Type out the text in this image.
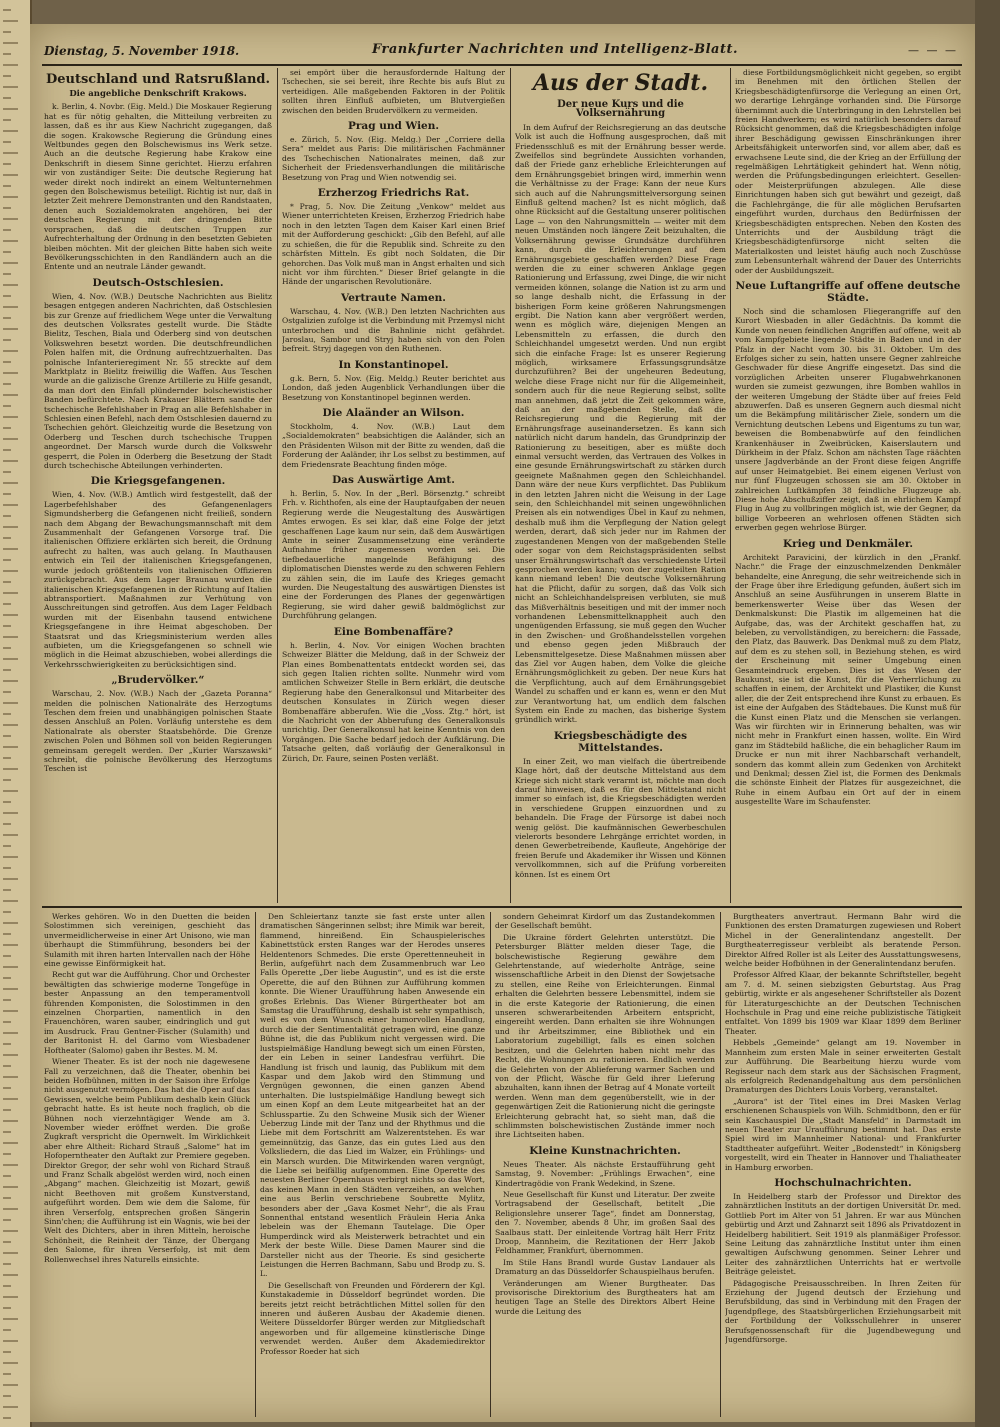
Dienstag, 5. November 1918.	Frankfurter Nachrichten und Intelligenz-Blatt.	— — —
Deutschland und Ratsrußland.
Die angebliche Denkschrift Krakows.

k. Berlin, 4. Novbr. (Eig. Meld.) Die Moskauer Regierung hat es für nötig gehalten, die Mitteilung verbreiten zu lassen, daß es ihr aus Kiew Nachricht zugegangen, daß die sogen. Krakowsche Regierung die Gründung eines Weltbundes gegen den Bolschewismus ins Werk setze. Auch an die deutsche Regierung habe Krakow eine Denkschrift in diesem Sinne gerichtet. Hierzu erfahren wir von zuständiger Seite: Die deutsche Regierung hat weder direkt noch indirekt an einem Weltunternehmen gegen den Bolschewismus beteiligt. Richtig ist nur, daß in letzter Zeit mehrere Demonstranten und den Randstaaten, denen auch Sozialdemokraten angehören, bei der deutschen Regierung mit der dringenden Bitte vorsprachen, daß die deutschen Truppen zur Aufrechterhaltung der Ordnung in den besetzten Gebieten bleiben möchten. Mit der gleichen Bitte haben sich weite Bevölkerungsschichten in den Randländern auch an die Entente und an neutrale Länder gewandt.

Deutsch-Ostschlesien.

Wien, 4. Nov. (W.B.) Deutsche Nachrichten aus Bielitz besagen entgegen anderen Nachrichten, daß Ostschlesien bis zur Grenze auf friedlichem Wege unter die Verwaltung des deutschen Volksrates gestellt wurde. Die Städte Bielitz, Teschen, Biala und Oderberg sind von deutschen Volkswehren besetzt worden. Die deutschfreundlichen Polen halfen mit, die Ordnung aufrechtzuerhalten. Das polnische Infanterieregiment Nr. 55 streckte auf dem Marktplatz in Bielitz freiwillig die Waffen. Aus Teschen wurde an die galizische Grenze Artillerie zu Hilfe gesandt, da man dort den Einfall plündernder bolschewistischer Banden befürchtete. Nach Krakauer Blättern sandte der tschechische Befehlshaber in Prag an alle Befehlshaber in Schlesien einen Befehl, nach dem Ostschlesien dauernd zu Tschechien gehört. Gleichzeitig wurde die Besetzung von Oderberg und Teschen durch tschechische Truppen angeordnet. Der Marsch wurde durch die Volkswehr gesperrt, die Polen in Oderberg die Besetzung der Stadt durch tschechische Abteilungen verhinderten.

Die Kriegsgefangenen.

Wien, 4. Nov. (W.B.) Amtlich wird festgestellt, daß der Lagerbefehlshaber des Gefangenenlagers Sigmundsherberg die Gefangenen nicht freiließ, sondern nach dem Abgang der Bewachungsmannschaft mit dem Zusammenhalt der Gefangenen Vorsorge traf. Die italienischen Offiziere erklärten sich bereit, die Ordnung aufrecht zu halten, was auch gelang. In Mauthausen entwich ein Teil der italienischen Kriegsgefangenen, wurde jedoch größtenteils von italienischen Offizieren zurückgebracht. Aus dem Lager Braunau wurden die italienischen Kriegsgefangenen in der Richtung auf Italien abtransportiert. Maßnahmen zur Verhütung von Ausschreitungen sind getroffen. Aus dem Lager Feldbach wurden mit der Eisenbahn tausend entwichene Kriegsgefangene in ihre Heimat abgeschoben. Der Staatsrat und das Kriegsministerium werden alles aufbieten, um die Kriegsgefangenen so schnell wie möglich in die Heimat abzuschieben, wobei allerdings die Verkehrsschwierigkeiten zu berücksichtigen sind.

„Brudervölker.“

Warschau, 2. Nov. (W.B.) Nach der „Gazeta Poranna“ melden die polnischen Nationalräte des Herzogtums Teschen dem freien und unabhängigen polnischen Staate dessen Anschluß an Polen. Vorläufig unterstehe es dem Nationalrate als oberster Staatsbehörde. Die Grenze zwischen Polen und Böhmen soll von beiden Regierungen gemeinsam geregelt werden. Der „Kurier Warszawski“ schreibt, die polnische Bevölkerung des Herzogtums Teschen ist

sei empört über die herausfordernde Haltung der Tschechen, sie sei bereit, ihre Rechte bis aufs Blut zu verteidigen. Alle maßgebenden Faktoren in der Politik sollten ihren Einfluß aufbieten, um Blutvergießen zwischen den beiden Brudervölkern zu vermeiden.

Prag und Wien.

e. Zürich, 5. Nov. (Eig. Meldg.) Der „Corriere della Sera“ meldet aus Paris: Die militärischen Fachmänner des Tschechischen Nationalrates meinen, daß zur Sicherheit der Friedensverhandlungen die militärische Besetzung von Prag und Wien notwendig sei.

Erzherzog Friedrichs Rat.

* Prag, 5. Nov. Die Zeitung „Venkow“ meldet aus Wiener unterrichteten Kreisen, Erzherzog Friedrich habe noch in den letzten Tagen dem Kaiser Karl einen Brief mit der Aufforderung geschickt: „Gib den Befehl, auf alle zu schießen, die für die Republik sind. Schreite zu den schärfsten Mitteln. Es gibt noch Soldaten, die Dir gehorchen. Das Volk muß man in Angst erhalten und sich nicht vor ihm fürchten.“ Dieser Brief gelangte in die Hände der ungarischen Revolutionäre.

Vertraute Namen.

Warschau, 4. Nov. (W.B.) Den letzten Nachrichten aus Ostgalizien zufolge ist die Verbindung mit Przemysl nicht unterbrochen und die Bahnlinie nicht gefährdet. Jaroslau, Sambor und Stryj haben sich von den Polen befreit. Stryj dagegen von den Ruthenen.

In Konstantinopel.

g.k. Bern, 5. Nov. (Eig. Meldg.) Reuter berichtet aus London, daß jeden Augenblick Verhandlungen über die Besetzung von Konstantinopel beginnen werden.

Die Alaänder an Wilson.

Stockholm, 4. Nov. (W.B.) Laut dem „Socialdemokraten“ beabsichtigen die Aaländer, sich an den Präsidenten Wilson mit der Bitte zu wenden, daß die Forderung der Aaländer, ihr Los selbst zu bestimmen, auf dem Friedensrate Beachtung finden möge.

Das Auswärtige Amt.

h. Berlin, 5. Nov. In der „Berl. Börsenztg.“ schreibt Frh. v. Richthofen, als eine der Hauptaufgaben der neuen Regierung werde die Neugestaltung des Auswärtigen Amtes erwogen. Es sei klar, daß eine Folge der jetzt geschaffenen Lage kaum nur sein, daß dem Auswärtigen Amte in seiner Zusammensetzung eine veränderte Aufnahme früher zugemessen worden sei. Die tiefbedauerliche mangelnde Befähigung des diplomatischen Dienstes werde zu den schweren Fehlern zu zählen sein, die im Laufe des Krieges gemacht wurden. Die Neugestaltung des auswärtigen Dienstes ist eine der Forderungen des Planes der gegenwärtigen Regierung, sie wird daher gewiß baldmöglichst zur Durchführung gelangen.

Eine Bombenaffäre?

h. Berlin, 4. Nov. Vor einigen Wochen brachten Schweizer Blätter die Meldung, daß in der Schweiz der Plan eines Bombenattentats entdeckt worden sei, das sich gegen Italien richten sollte. Nunmehr wird vom amtlichen Schweizer Stelle in Bern erklärt, die deutsche Regierung habe den Generalkonsul und Mitarbeiter des deutschen Konsulates in Zürich wegen dieser Bombenaffäre abberufen. Wie die „Voss. Ztg.“ hört, ist die Nachricht von der Abberufung des Generalkonsuls unrichtig. Der Generalkonsul hat keine Kenntnis von den Vorgängen. Die Sache bedarf jedoch der Aufklärung. Die Tatsache gelten, daß vorläufig der Generalkonsul in Zürich, Dr. Faure, seinen Posten verläßt.

Aus der Stadt.
Der neue Kurs und die Volksernährung

In dem Aufruf der Reichsregierung an das deutsche Volk ist auch die Hoffnung ausgesprochen, daß mit Friedensschluß es mit der Ernährung besser werde. Zweifellos sind begründete Aussichten vorhanden, daß der Friede ganz erhebliche Erleichterungen auf dem Ernährungsgebiet bringen wird, immerhin wenn die Verhältnisse zu der Frage: Kann der neue Kurs sich auch auf die Nahrungsmittelversorgung seinen Einfluß geltend machen? Ist es nicht möglich, daß ohne Rücksicht auf die Gestaltung unserer politischen Lage — von den Nahrungsmitteln — weiter mit dem neuen Umständen noch längere Zeit beizuhalten, die Volksernährung gewisse Grundsätze durchführen kann, durch die Erleichterungen auf dem Ernährungsgebiete geschaffen werden? Diese Frage werden die zu einer schweren Anklage gegen Rationierung und Erfassung, zwei Dinge, die wir nicht vermeiden können, solange die Nation ist zu arm und so lange deshalb nicht, die Erfassung in der bisherigen Form keine größeren Nahrungsmengen ergibt. Die Nation kann aber vergrößert werden, wenn es möglich wäre, diejenigen Mengen an Lebensmitteln zu erfassen, die durch den Schleichhandel umgesetzt werden. Und nun ergibt sich die einfache Frage: Ist es unserer Regierung möglich, wirksamere Erfassungsgrundsätze durchzuführen? Bei der ungeheuren Bedeutung, welche diese Frage nicht nur für die Allgemeinheit, sondern auch für die neue Regierung selbst, sollte man annehmen, daß jetzt die Zeit gekommen wäre, daß an der maßgebenden Stelle, daß die Reichsregierung und die Regierung mit der Ernährungsfrage auseinandersetzen. Es kann sich natürlich nicht darum handeln, das Grundprinzip der Rationierung zu beseitigen, aber es müßte doch einmal versucht werden, das Vertrauen des Volkes in eine gesunde Ernährungswirtschaft zu stärken durch geeignete Maßnahmen gegen den Schleichhandel. Dann wäre der neue Kurs verpflichtet. Das Publikum in den letzten Jahren nicht die Weisung in der Lage sein, den Schleichhandel mit seinen ungewöhnlichen Preisen als ein notwendiges Übel in Kauf zu nehmen, deshalb muß ihm die Verpflegung der Nation gelegt werden, derart, daß sich jeder nur im Rahmen der zugestandenen Mengen von der maßgebenden Stelle oder sogar von dem Reichstagspräsidenten selbst unser Ernährungswirtschaft das verschiedenste Urteil gesprochen werden kann; von der zugeteilten Ration kann niemand leben! Die deutsche Volksernährung hat die Pflicht, dafür zu sorgen, daß das Volk sich nicht an Schleichhandelspreisen verbluten, sie muß das Mißverhältnis beseitigen und mit der immer noch vorhandenen Lebensmittelknappheit auch den ungenügenden Erfassung, sie muß gegen den Wucher in den Zwischen- und Großhandelsstellen vorgehen und ebenso gegen jeden Mißbrauch der Lebensmittelgesetze. Diese Maßnahmen müssen aber das Ziel vor Augen haben, dem Volke die gleiche Ernährungsmöglichkeit zu geben. Der neue Kurs hat die Verpflichtung, auch auf dem Ernährungsgebiet Wandel zu schaffen und er kann es, wenn er den Mut zur Verantwortung hat, um endlich dem falschen System ein Ende zu machen, das bisherige System gründlich wirkt.

Kriegsbeschädigte des Mittelstandes.

In einer Zeit, wo man vielfach die übertreibende Klage hört, daß der deutsche Mittelstand aus dem Kriege sich nicht stark verarmt ist, möchte man doch darauf hinweisen, daß es für den Mittelstand nicht immer so einfach ist, die Kriegsbeschädigten werden in verschiedene Gruppen einzuordnen und zu behandeln. Die Frage der Fürsorge ist dabei noch wenig gelöst. Die kaufmännischen Gewerbeschulen vielerorts besondere Lehrgänge errichtet worden, in denen Gewerbetreibende, Kaufleute, Angehörige der freien Berufe und Akademiker ihr Wissen und Können vervollkommnen, sich auf die Prüfung vorbereiten können. Ist es einem Ort

diese Fortbildungsmöglichkeit nicht gegeben, so ergibt im Benehmen mit den örtlichen Stellen der Kriegsbeschädigtenfürsorge die Verlegung an einen Ort, wo derartige Lehrgänge vorhanden sind. Die Fürsorge übernimmt auch die Unterbringung in den Lehrstellen bei freien Handwerkern; es wird natürlich besonders darauf Rücksicht genommen, daß die Kriegsbeschädigten infolge ihrer Beschädigung gewissen Einschränkungen ihrer Arbeitsfähigkeit unterworfen sind, vor allem aber, daß es erwachsene Leute sind, die der Krieg an der Erfüllung der regelmäßigen Lehrtätigkeit gehindert hat. Wenn nötig, werden die Prüfungsbedingungen erleichtert. Gesellen- oder Meisterprüfungen abzulegen. Alle diese Einrichtungen haben sich gut bewährt und gezeigt, daß die Fachlehrgänge, die für alle möglichen Berufsarten eingeführt wurden, durchaus den Bedürfnissen der Kriegsbeschädigten entsprechen. Neben den Kosten des Unterrichts und der Ausbildung trägt die Kriegsbeschädigtenfürsorge nicht selten die Materialkosten und leistet häufig auch noch Zuschüsse zum Lebensunterhalt während der Dauer des Unterrichts oder der Ausbildungszeit.

Neue Luftangriffe auf offene deutsche Städte.

Noch sind die schamlosen Fliegerangriffe auf den Kurort Wiesbaden in aller Gedächtnis. Da kommt die Kunde von neuen feindlichen Angriffen auf offene, weit ab vom Kampfgebiete liegende Städte in Baden und in der Pfalz in der Nacht vom 30. bis 31. Oktober. Um des Erfolges sicher zu sein, hatten unsere Gegner zahlreiche Geschwader für diese Angriffe eingesetzt. Das sind die vorzüglichen Arbeiten unserer Flugabwehrkanonen wurden sie zumeist gezwungen, ihre Bomben wahllos in der weiteren Umgebung der Städte über auf freies Feld abzuwerfen. Daß es unseren Gegnern auch diesmal nicht um die Bekämpfung militärischer Ziele, sondern um die Vernichtung deutschen Lebens und Eigentums zu tun war, beweisen die Bombenabwürfe auf den feindlichen Krankenhäuser in Zweibrücken, Kaiserslautern und Dürkheim in der Pfalz. Schon am nächsten Tage räächten unsere Jagdverbände an der Front diese feigen Angriffe auf unser Heimatgebiet. Bei einem eigenen Verlust von nur fünf Flugzeugen schossen sie am 30. Oktober in zahlreichen Luftkämpfen 38 feindliche Flugzeuge ab. Diese hohe Abschußziffer zeigt, daß in ehrlichem Kampf Flug in Aug zu vollbringen möglich ist, wie der Gegner, da billige Vorbeeren an wehrlosen offenen Städten sich erwerben gegen wehrlose Bürger.

Krieg und Denkmäler.

Architekt Paravicini, der kürzlich in den „Frankf. Nachr.“ die Frage der einzuschmelzenden Denkmäler behandelte, eine Anregung, die sehr weitreichende sich in der Frage über ihre Erledigung gefunden, äußert sich im Anschluß an seine Ausführungen in unserem Blatte in bemerkenswerter Weise über das Wesen der Denkmalskunst: Die Plastik im allgemeinen hat die Aufgabe, das, was der Architekt geschaffen hat, zu beleben, zu vervollständigen, zu bereichern: die Fassade, den Platz, das Bauwerk. Das Denkmal muß zu dem Platz, auf dem es zu stehen soll, in Beziehung stehen, es wird der Erscheinung mit seiner Umgebung einen Gesamteindruck ergeben. Dies ist das Wesen der Baukunst, sie ist die Kunst, für die Verherrlichung zu schaffen in einem, der Architekt und Plastiker, die Kunst aller, die der Zeit entsprechend ihre Kunst zu erbauen. Es ist eine der Aufgaben des Städtebaues. Die Kunst muß für die Kunst einen Platz und die Menschen sie verlangen. Was wir fürchten wir in Erinnerung behalten, was wir nicht mehr in Frankfurt einen hassen, wollte. Ein Wird ganz im Städtebild haßliche, die ein behaglicher Raum im Drucke er nun mit ihrer Nachbarschaft verhandelt, sondern das kommt allein zum Gedenken von Architekt und Denkmal; dessen Ziel ist, die Formen des Denkmals die schönste Einheit der Platzes für ausgezeichnet, die Ruhe in einem Aufbau ein Ort auf der in einem ausgestellte Ware im Schaufenster.

Werkes gehören. Wo in den Duetten die beiden Solostimmen sich vereinigen, geschieht das unvermeidlicherweise in einer Art Unisono, wie man überhaupt die Stimmführung, besonders bei der Sulamith mit ihren harten Intervallen nach der Höhe eine gewisse Einförmigkeit hat.

Recht gut war die Aufführung. Chor und Orchester bewältigten das schwierige moderne Tongefüge in bester Anpassung an den temperamentvoll führenden Komponisten, die Solostimmen in den einzelnen Chorpartien, namentlich in den Frauenchören, waren sauber, eindringlich und gut im Ausdruck. Frau Gentner-Fischer (Sulamith) und der Baritonist H. del Garmo vom Wiesbadener Hoftheater (Salomo) gaben ihr Bestes. M. M.

Wiener Theater. Es ist der noch nie dagewesene Fall zu verzeichnen, daß die Theater, obenhin bei beiden Hofbühnen, mitten in der Saison ihre Erfolge nicht ausgenutzt vermögen. Das hat die Oper auf das Gewissen, welche beim Publikum deshalb kein Glück gebracht hatte. Es ist heute noch fraglich, ob die Bühnen noch vierzehntägiger Wende am 3. November wieder eröffnet werden. Die große Zugkraft verspricht die Opernwelt. Im Wirklichkeit aber ehre Altheit: Richard Strauß „Salome“ hat im Hofoperntheater den Auftakt zur Premiere gegeben. Direktor Gregor, der sehr wohl von Richard Strauß und Franz Schalk abgelöst werden wird, noch einen „Abgang“ machen. Gleichzeitig ist Mozart, gewiß nicht Beethoven mit großem Kunstverstand, aufgeführt worden. Dem wie dem die Salome, für ihren Verserfolg, entsprechen großen Sängerin Sinn'chen; die Aufführung ist ein Wagnis, wie bei der Welt des Dichters, aber in ihren Mitteln, heroische Schönheit, die Reinheit der Tänze, der Übergang den Salome, für ihren Verserfolg, ist mit dem Rollenwechsel ihres Naturells einsichte.

Den Schleiertanz tanzte sie fast erste unter allen dramatischen Sängerinnen selbst; ihre Mimik war bereit, flammend, hinreißend. Ein Schauspielerisches Kabinettstück ersten Ranges war der Herodes unseres Heldentenors Schmedes. Die erste Operettenneuheit in Berlin, aufgeführt nach dem Zusammenbruch war Leo Falls Operette „Der liebe Augustin“, und es ist die erste Operette, die auf den Bühnen zur Aufführung kommen konnte. Die Wiener Uraufführung haben Anwesende ein großes Erlebnis. Das Wiener Bürgertheater bot am Samstag die Uraufführung, deshalb ist sehr sympathisch, weil es von dem Wunsch einer humorvollen Handlung, durch die der Sentimentalität getragen wird, eine ganze Bühne ist, die das Publikum nicht vergessen wird. Die lustspielmäßige Handlung bewegt sich um einen Fürsten, der ein Leben in seiner Landesfrau verführt. Die Handlung ist frisch und launig, das Publikum mit dem Kaspar und dem Jakob wird den Stimmung und Vergnügen gewonnen, die einen ganzen Abend unterhalten. Die lustspielmäßige Handlung bewegt sich um einen Kopf an dem Leute mitgearbeitet hat an der Schlusspartie. Zu den Schweine Musik sich der Wiener Ueberzug Linde mit der Tanz und der Rhythmus und die Liebe mit dem Fortschritt am Walzerentstehen. Es war gemeinnützig, das Ganze, das ein gutes Lied aus den Volksliedern, die das Lied im Walzer, ein Frühlings- und ein Marsch wurden. Die Mitwirkenden waren vergnügt, die Liebe sei beifällig aufgenommen. Eine Operette des neuesten Berliner Opernhaus verbirgt nichts so das Wort, das keinen Mann in den Städten verzeihen, an welchen eine aus Berlin verschriebene Soubrette Mylitz, besonders aber der „Gava Kosmet Nehr“, die als Frau Sonnenthal entstand wesentlich Fräulein Heria Anka lebelein was der Ehemann Tautelage. Die Oper Humperdinck wird als Meisterwerk betrachtet und ein Merk der beste Wille. Diese Damen Maurer sind die Darsteller nicht aus der Theorie. Es sind gesicherte Leistungen die Herren Bachmann, Sabu und Brodp zu. S. L.

Die Gesellschaft von Freunden und Förderern der Kgl. Kunstakademie in Düsseldorf begründet worden. Die bereits jetzt reicht beträchtlichen Mittel sollen für den inneren und äußeren Ausbau der Akademie dienen. Weitere Düsseldorfer Bürger werden zur Mitgliedschaft angeworben und für allgemeine künstlerische Dinge verwendet werden. Außer dem Akademiedirektor Professor Roeder hat sich

sondern Geheimrat Kirdorf um das Zustandekommen der Gesellschaft bemüht.

Die Ukraine fördert Gelehrten unterstützt. Die Petersburger Blätter melden dieser Tage, die bolschewistische Regierung gewähre dem Gelehrtenstande, auf wiederholte Anträge, seine wissenschaftliche Arbeit in den Dienst der Sowjetsache zu stellen, eine Reihe von Erleichterungen. Einmal erhalten die Gelehrten bessere Lebensmittel, indem sie in die erste Kategorie der Rationierung, die einen unseren schwerarbeitenden Arbeitern entspricht, eingereiht werden. Dann erhalten sie ihre Wohnungen und ihr Arbeitszimmer, eine Bibliothek und ein Laboratorium zugebilligt, falls es einen solchen besitzen, und die Gelehrten haben nicht mehr das Recht, die Wohnungen zu rationieren. Endlich werden die Gelehrten von der Ablieferung warmer Sachen und von der Pflicht, Wäsche für Geld ihrer Lieferung abzuhalten, kann ihnen der Betrag auf 4 Monate vorteilt werden. Wenn man dem gegenüberstellt, wie in der gegenwärtigen Zeit die Rationierung nicht die geringste Erleichterung gebracht hat, so sieht man, daß die schlimmsten bolschewistischen Zustände immer noch ihre Lichtseiten haben.

Kleine Kunstnachrichten.

Neues Theater. Als nächste Erstaufführung geht Samstag, 9. November: „Frühlings Erwachen“, eine Kindertragödie von Frank Wedekind, in Szene.

Neue Gesellschaft für Kunst und Literatur. Der zweite Vortragsabend der Gesellschaft, betitelt „Die Religionslehre unserer Tage“, findet am Donnerstag, den 7. November, abends 8 Uhr, im großen Saal des Saalbaus statt. Der einleitende Vortrag hält Herr Fritz Droop, Mannheim, die Rezitationen der Herr Jakob Feldhammer, Frankfurt, übernommen.

Im Stile Hans Brandl wurde Gustav Landauer als Dramaturg an das Düsseldorfer Schauspielhaus berufen.

Veränderungen am Wiener Burgtheater. Das provisorische Direktorium des Burgtheaters hat am heutigen Tage an Stelle des Direktors Albert Heine wurde die Leitung des

Burgtheaters anvertraut. Hermann Bahr wird die Funktionen des ersten Dramaturgen zugewiesen und Robert Michel in der Generalintendanz angestellt. Der Burgtheaterregisseur verbleibt als beratende Person. Direktor Alfred Roller ist als Leiter des Ausstattungswesens, welche beider Hofbühnen in der Generalintendanz berufen.

Professor Alfred Klaar, der bekannte Schriftsteller, begeht am 7. d. M. seinen siebzigsten Geburtstag. Aus Prag gebürtig, wirkte er als angesehener Schriftsteller als Dozent für Literaturgeschichte an der Deutschen Technischen Hochschule in Prag und eine reiche publizistische Tätigkeit entfaltet. Von 1899 bis 1909 war Klaar 1899 dem Berliner Theater.

Hebbels „Gemeinde“ gelangt am 19. November in Mannheim zum ersten Male in seiner erweiterten Gestalt zur Aufführung. Die Bearbeitung hierzu wurde vom Regisseur nach dem stark aus der Sächsischen Fragment, als erfolgreich Redenandgehaltung aus dem persönlichen Dramaturgen des Dichters Louis Vorberg, veranstaltet.

„Aurora“ ist der Titel eines im Drei Masken Verlag erschienenen Schauspiels von Wilh. Schmidtbonn, den er für sein Kaschauspiel Die „Stadt Mansfeld“ in Darmstadt im neuen Theater zur Uraufführung bestimmt hat. Das erste Spiel wird im Mannheimer National- und Frankfurter Stadttheater aufgeführt. Weiter „Bodenstedt“ in Königsberg vorgestellt, wird ein Theater in Hannover und Thaliatheater in Hamburg erworben.

Hochschulnachrichten.

In Heidelberg starb der Professor und Direktor des zahnärztlichen Instituts an der dortigen Universität Dr. med. Gottlieb Port im Alter von 51 Jahren. Er war aus München gebürtig und Arzt und Zahnarzt seit 1896 als Privatdozent in Heidelberg habilitiert. Seit 1919 als planmäßiger Professor. Seine Leitung das zahnärztliche Institut unter ihm einen gewaltigen Aufschwung genommen. Seiner Lehrer und Leiter des zahnärztlichen Unterrichts hat er wertvolle Beiträge geleistet.

Pädagogische Preisausschreiben. In Ihren Zeiten für Erziehung der Jugend deutsch der Erziehung und Berufsbildung, das sind in Verbindung mit den Fragen der Jugendpflege, des Staatsbürgerlichen Erziehungsarbeit mit der Fortbildung der Volksschullehrer in unserer Berufsgenossenschaft für die Jugendbewegung und Jugendfürsorge.
